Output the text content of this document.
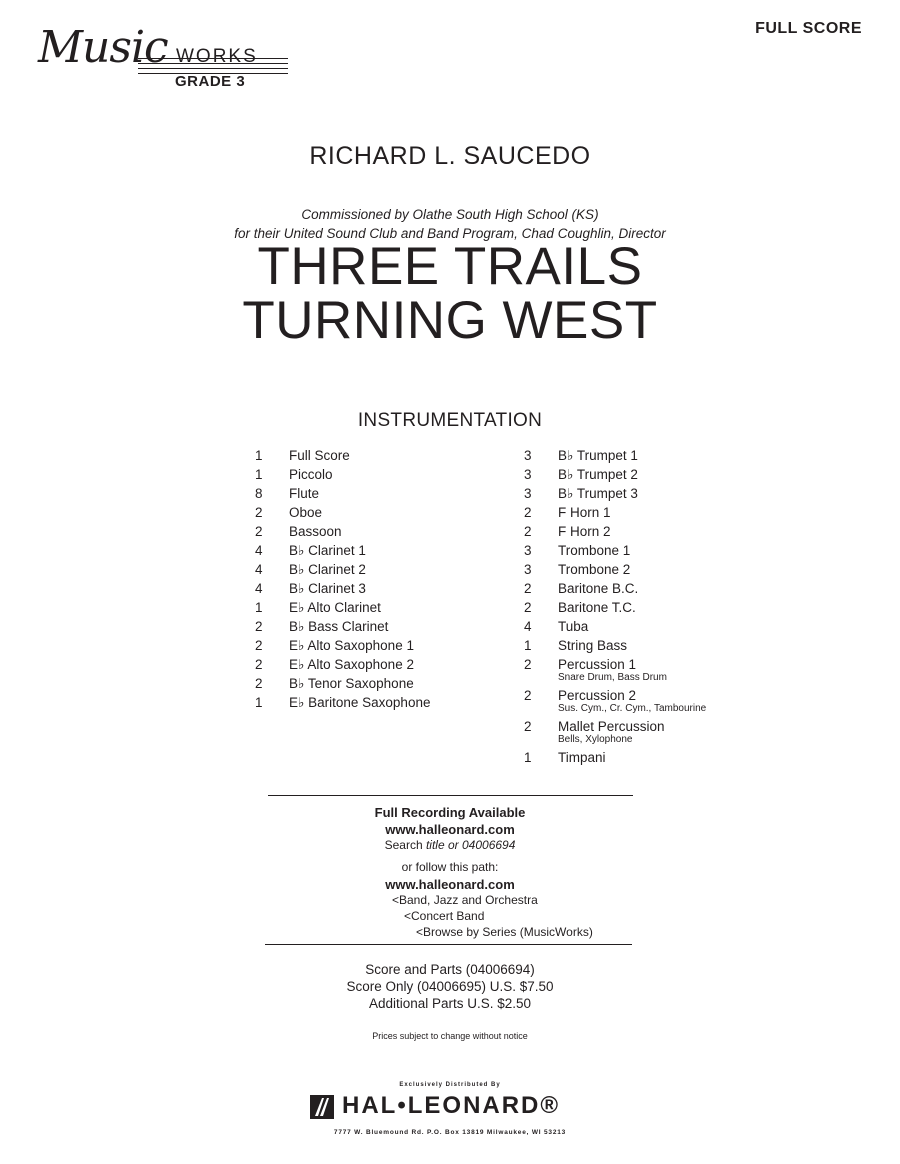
Music WORKS
GRADE 3
FULL SCORE
RICHARD L. SAUCEDO
Commissioned by Olathe South High School (KS)
for their United Sound Club and Band Program, Chad Coughlin, Director
THREE TRAILS
TURNING WEST
INSTRUMENTATION
1 Full Score
1 Piccolo
8 Flute
2 Oboe
2 Bassoon
4 B♭ Clarinet 1
4 B♭ Clarinet 2
4 B♭ Clarinet 3
1 E♭ Alto Clarinet
2 B♭ Bass Clarinet
2 E♭ Alto Saxophone 1
2 E♭ Alto Saxophone 2
2 B♭ Tenor Saxophone
1 E♭ Baritone Saxophone
3 B♭ Trumpet 1
3 B♭ Trumpet 2
3 B♭ Trumpet 3
2 F Horn 1
2 F Horn 2
3 Trombone 1
3 Trombone 2
2 Baritone B.C.
2 Baritone T.C.
4 Tuba
1 String Bass
2 Percussion 1
Snare Drum, Bass Drum
2 Percussion 2
Sus. Cym., Cr. Cym., Tambourine
2 Mallet Percussion
Bells, Xylophone
1 Timpani
Full Recording Available
www.halleonard.com
Search title or 04006694
or follow this path:
www.halleonard.com
<Band, Jazz and Orchestra
<Concert Band
<Browse by Series (MusicWorks)
Score and Parts (04006694)
Score Only (04006695) U.S. $7.50
Additional Parts U.S. $2.50
Prices subject to change without notice
Exclusively Distributed By
HAL•LEONARD®
7777 W. Bluemound Rd. P.O. Box 13819 Milwaukee, WI 53213
